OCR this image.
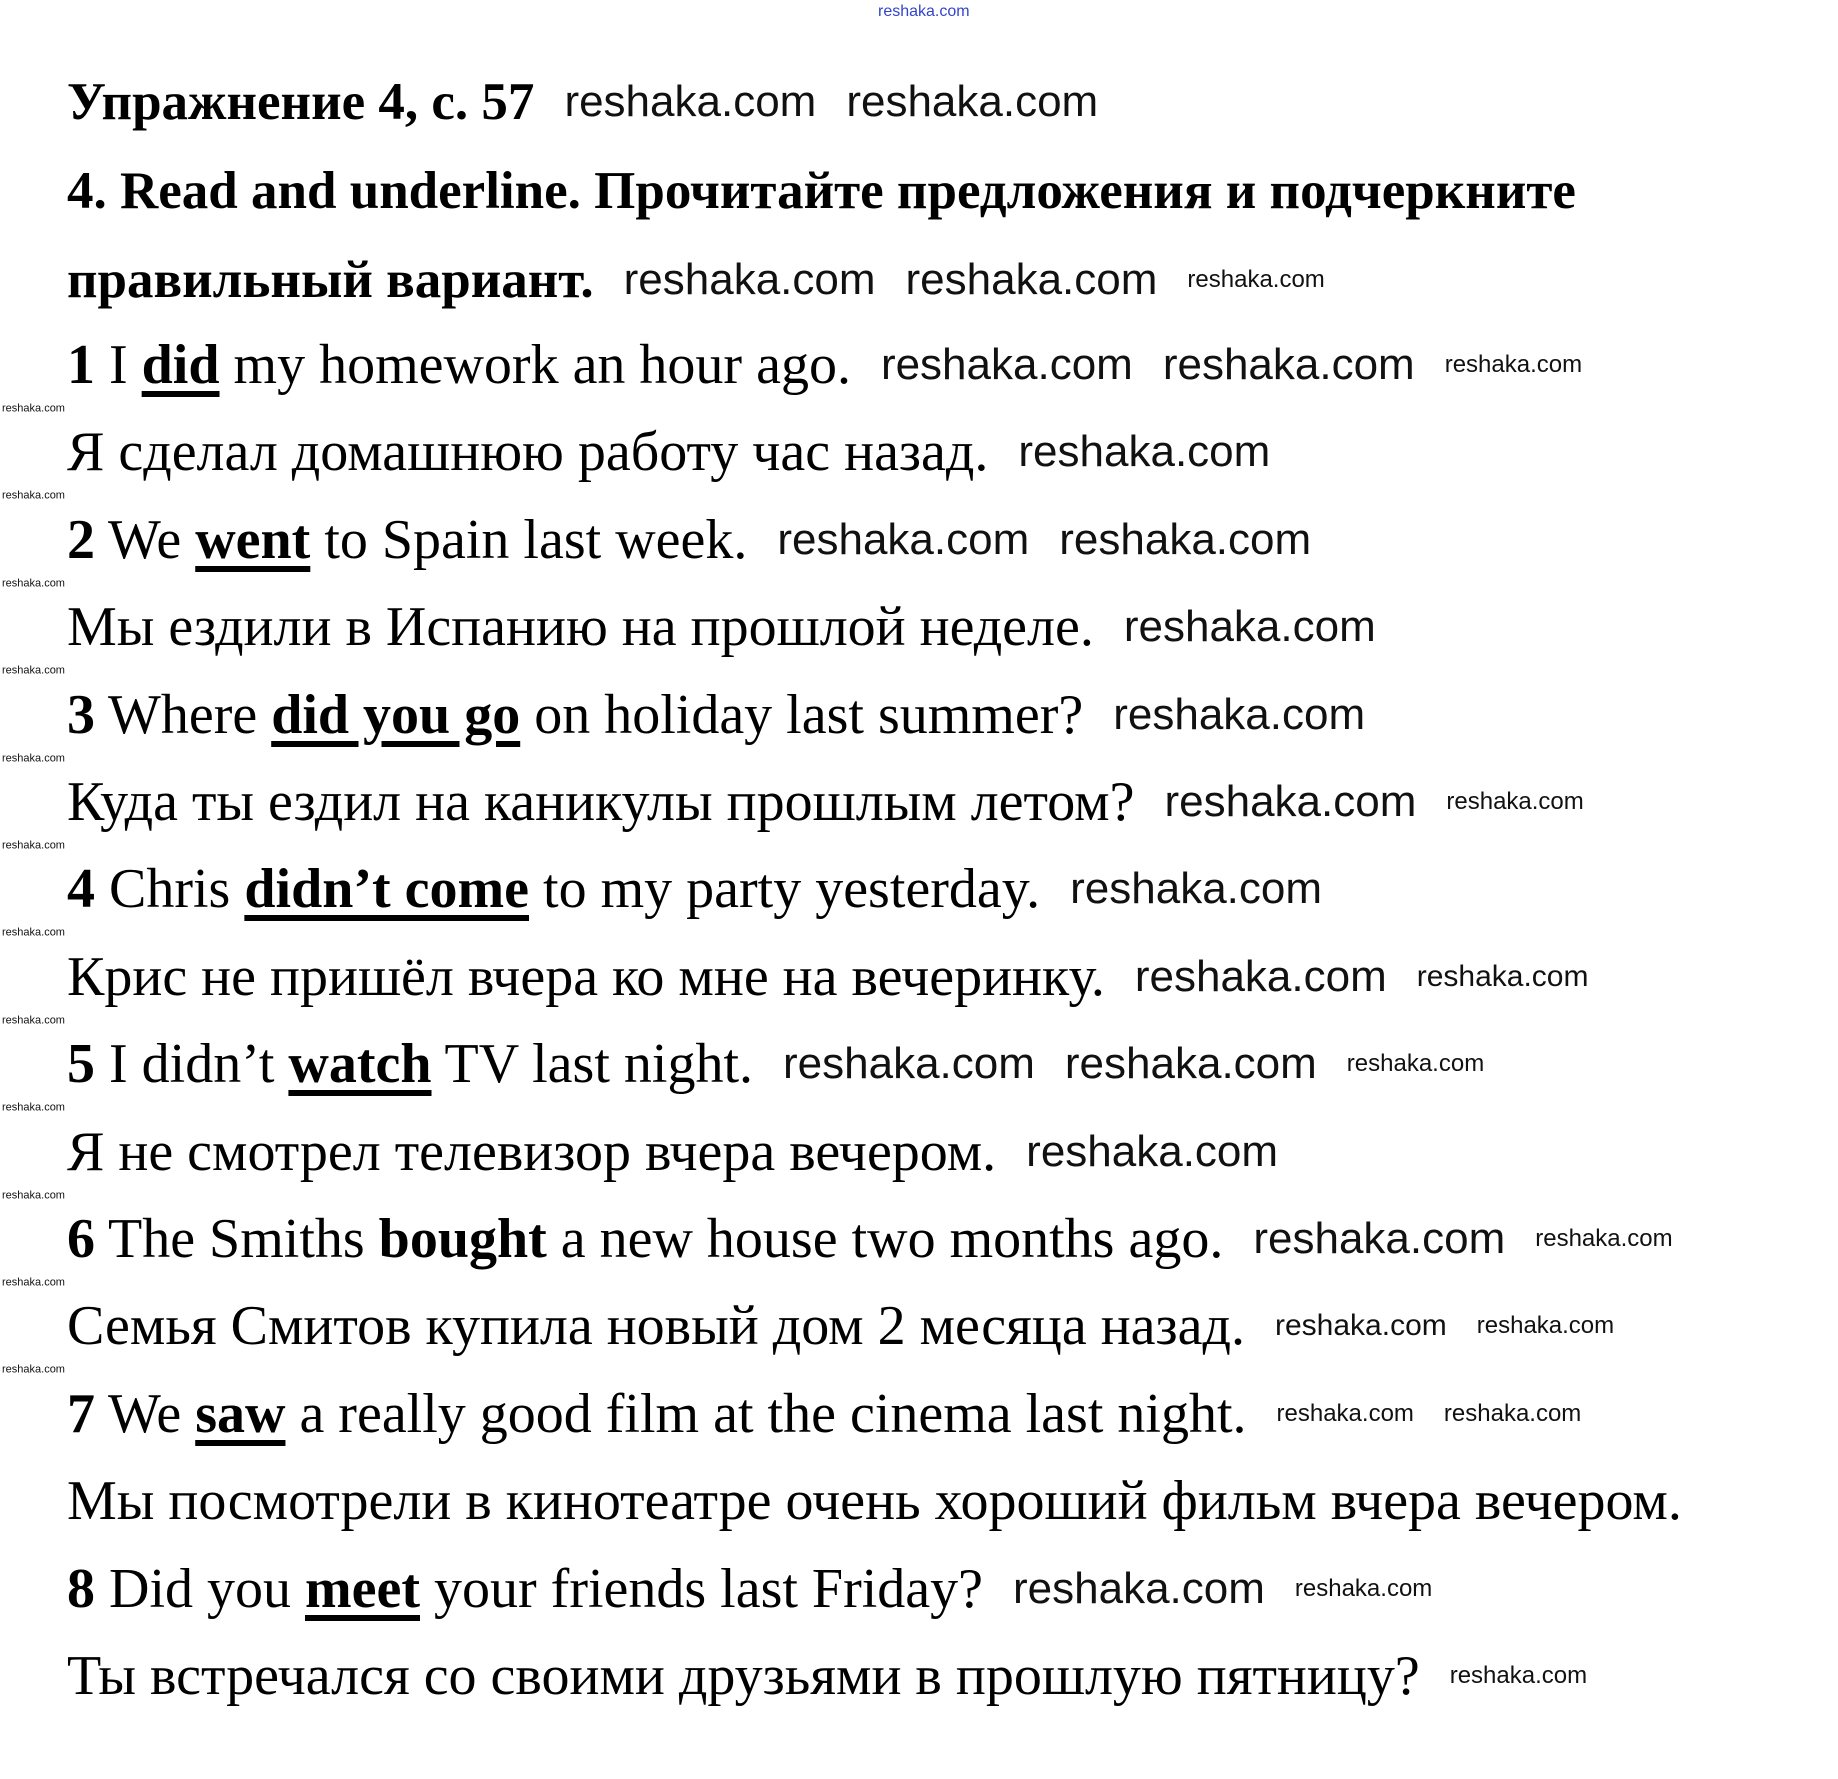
Упражнение 4, с. 57 reshaka.com reshaka.com
4. Read and underline. Прочитайте предложения и подчеркните
правильный вариант. reshaka.com reshaka.com reshaka.com
1 I did my homework an hour ago. reshaka.com reshaka.com reshaka.com
Я сделал домашнюю работу час назад. reshaka.com
2 We went to Spain last week. reshaka.com reshaka.com
Мы ездили в Испанию на прошлой неделе. reshaka.com
3 Where did you go on holiday last summer? reshaka.com
Куда ты ездил на каникулы прошлым летом? reshaka.com reshaka.com
4 Chris didn’t come to my party yesterday. reshaka.com
Крис не пришёл вчера ко мне на вечеринку. reshaka.com reshaka.com
5 I didn’t watch TV last night. reshaka.com reshaka.com reshaka.com
Я не смотрел телевизор вчера вечером. reshaka.com
6 The Smiths bought a new house two months ago. reshaka.com reshaka.com
Семья Смитов купила новый дом 2 месяца назад. reshaka.com reshaka.com
7 We saw a really good film at the cinema last night. reshaka.com reshaka.com
Мы посмотрели в кинотеатре очень хороший фильм вчера вечером.
8 Did you meet your friends last Friday? reshaka.com reshaka.com
Ты встречался со своими друзьями в прошлую пятницу? reshaka.com
reshaka.com
reshaka.com
reshaka.com
reshaka.com
reshaka.com
reshaka.com
reshaka.com
reshaka.com
reshaka.com
reshaka.com
reshaka.com
reshaka.com
reshaka.com
